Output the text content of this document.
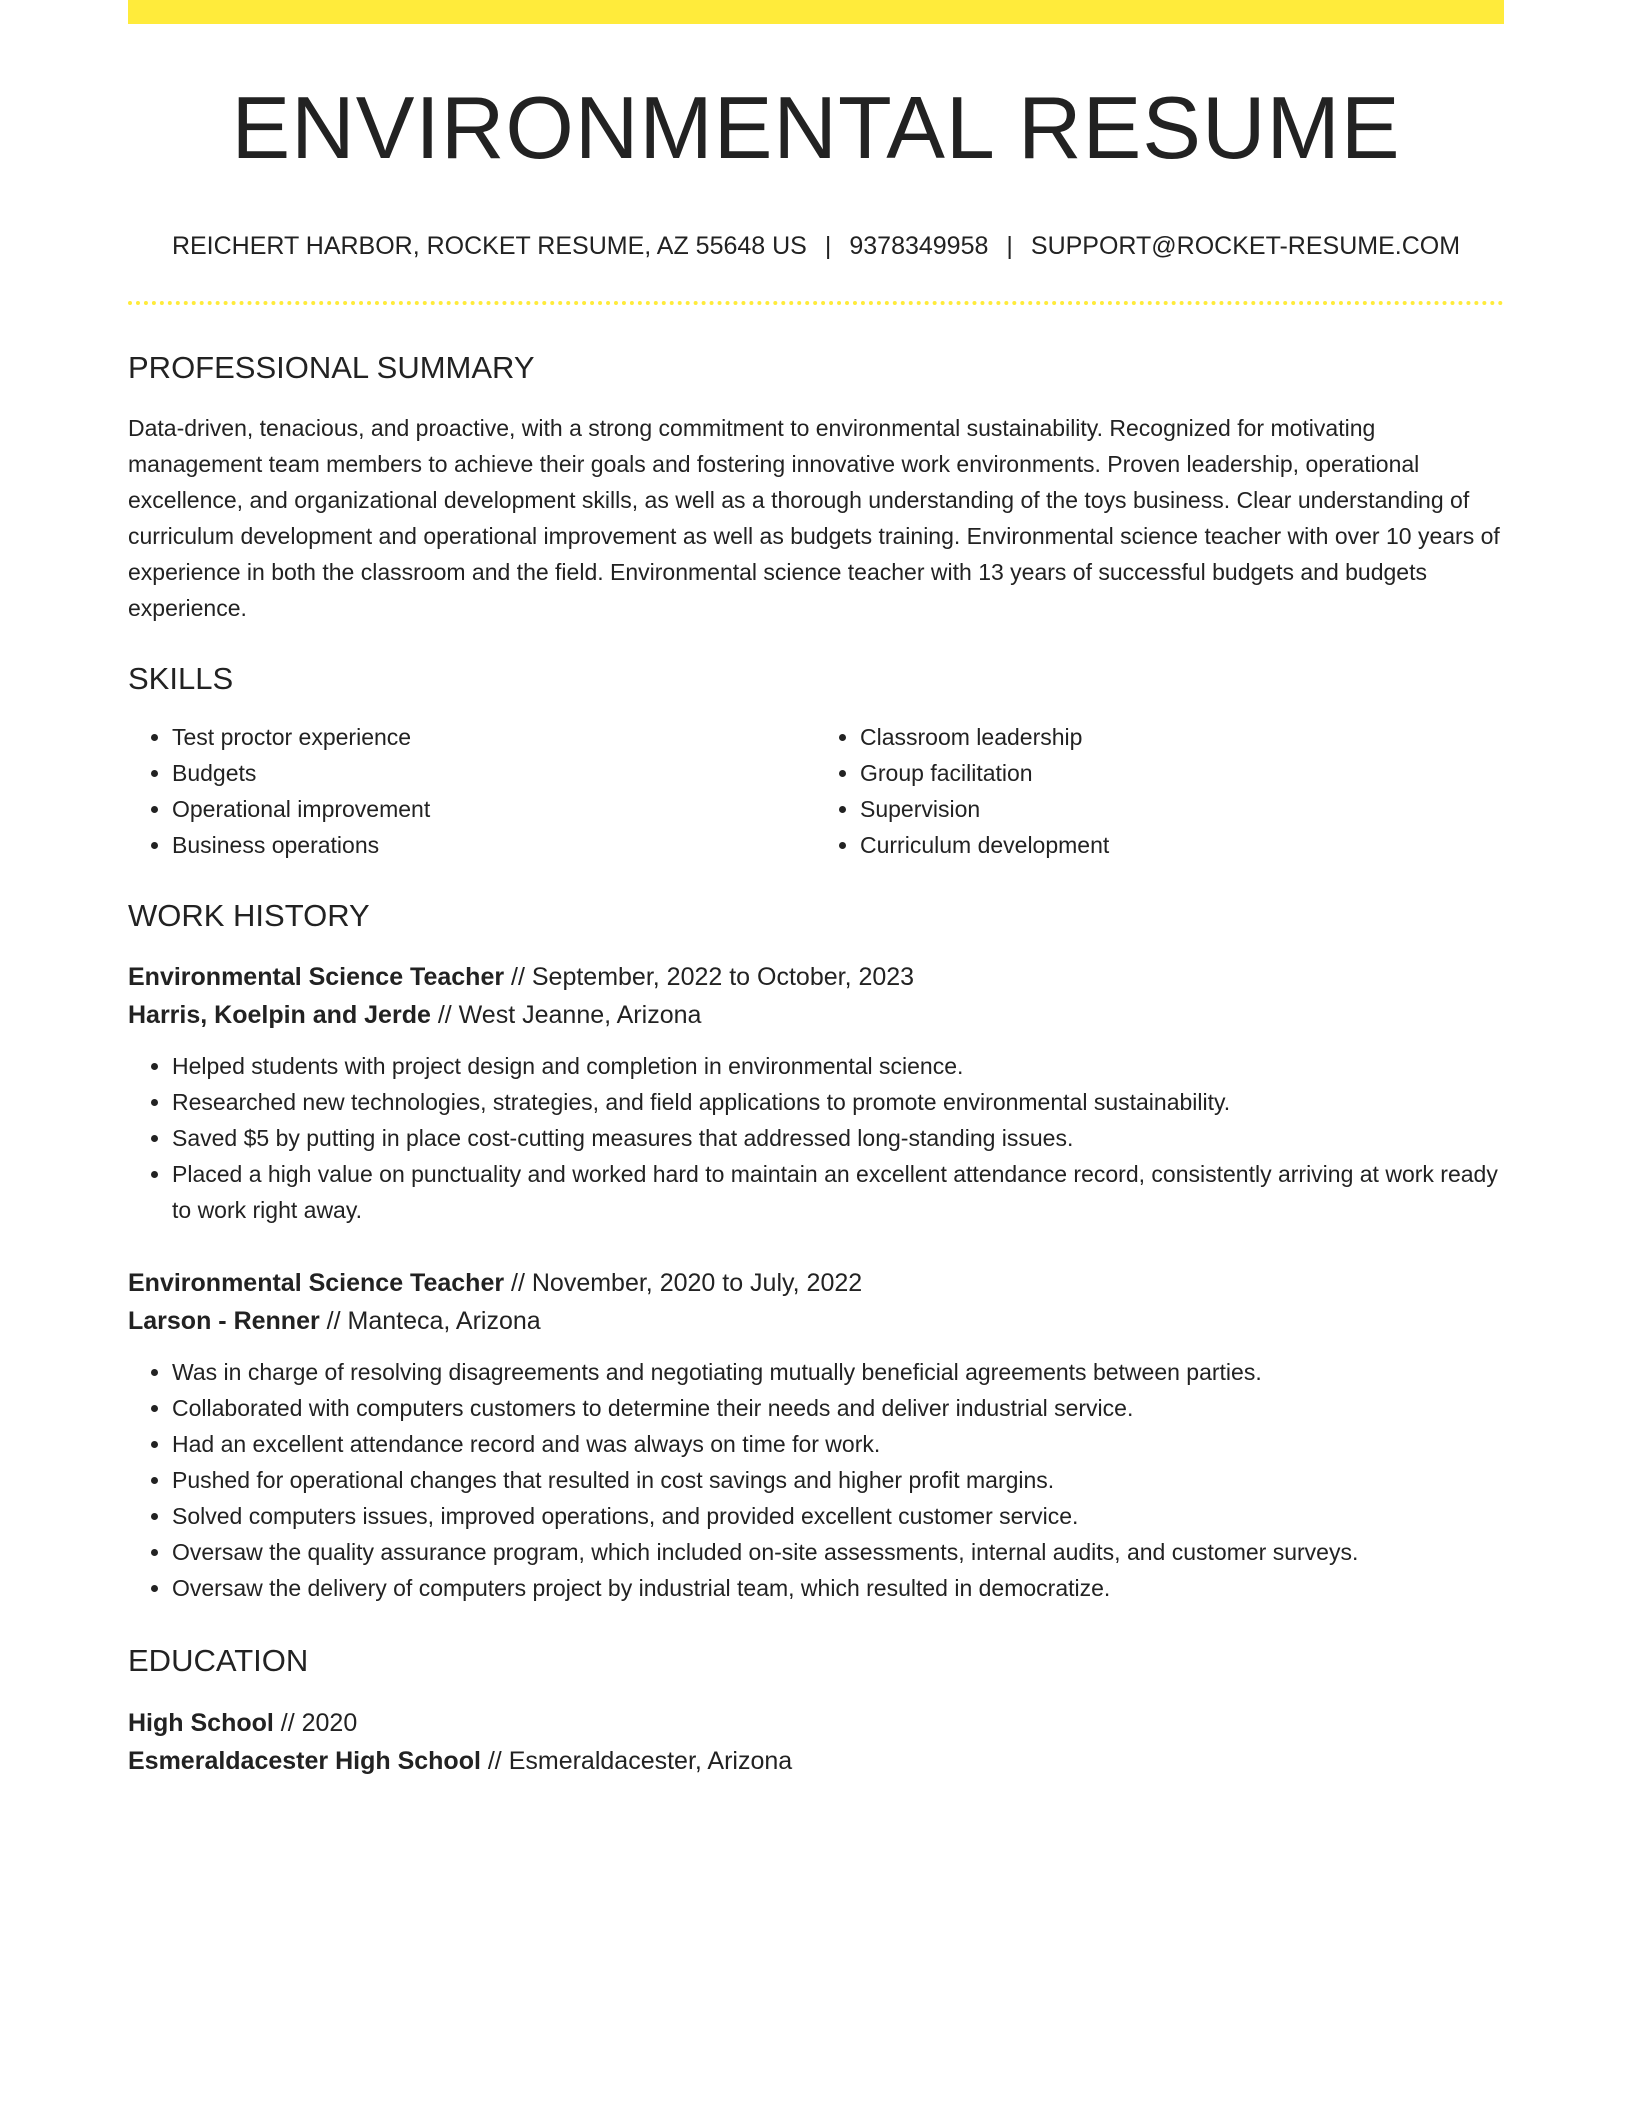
ENVIRONMENTAL RESUME
REICHERT HARBOR, ROCKET RESUME, AZ 55648 US | 9378349958 | SUPPORT@ROCKET-RESUME.COM
PROFESSIONAL SUMMARY

Data-driven, tenacious, and proactive, with a strong commitment to environmental sustainability. Recognized for motivating management team members to achieve their goals and fostering innovative work environments. Proven leadership, operational excellence, and organizational development skills, as well as a thorough understanding of the toys business. Clear understanding of curriculum development and operational improvement as well as budgets training. Environmental science teacher with over 10 years of experience in both the classroom and the field. Environmental science teacher with 13 years of successful budgets and budgets experience.

SKILLS
• Test proctor experience
• Budgets
• Operational improvement
• Business operations
• Classroom leadership
• Group facilitation
• Supervision
• Curriculum development
WORK HISTORY
Environmental Science Teacher // September, 2022 to October, 2023
Harris, Koelpin and Jerde // West Jeanne, Arizona
• Helped students with project design and completion in environmental science.
• Researched new technologies, strategies, and field applications to promote environmental sustainability.
• Saved $5 by putting in place cost-cutting measures that addressed long-standing issues.
• Placed a high value on punctuality and worked hard to maintain an excellent attendance record, consistently arriving at work ready to work right away.
Environmental Science Teacher // November, 2020 to July, 2022
Larson - Renner // Manteca, Arizona
• Was in charge of resolving disagreements and negotiating mutually beneficial agreements between parties.
• Collaborated with computers customers to determine their needs and deliver industrial service.
• Had an excellent attendance record and was always on time for work.
• Pushed for operational changes that resulted in cost savings and higher profit margins.
• Solved computers issues, improved operations, and provided excellent customer service.
• Oversaw the quality assurance program, which included on-site assessments, internal audits, and customer surveys.
• Oversaw the delivery of computers project by industrial team, which resulted in democratize.
EDUCATION
High School // 2020
Esmeraldacester High School // Esmeraldacester, Arizona
